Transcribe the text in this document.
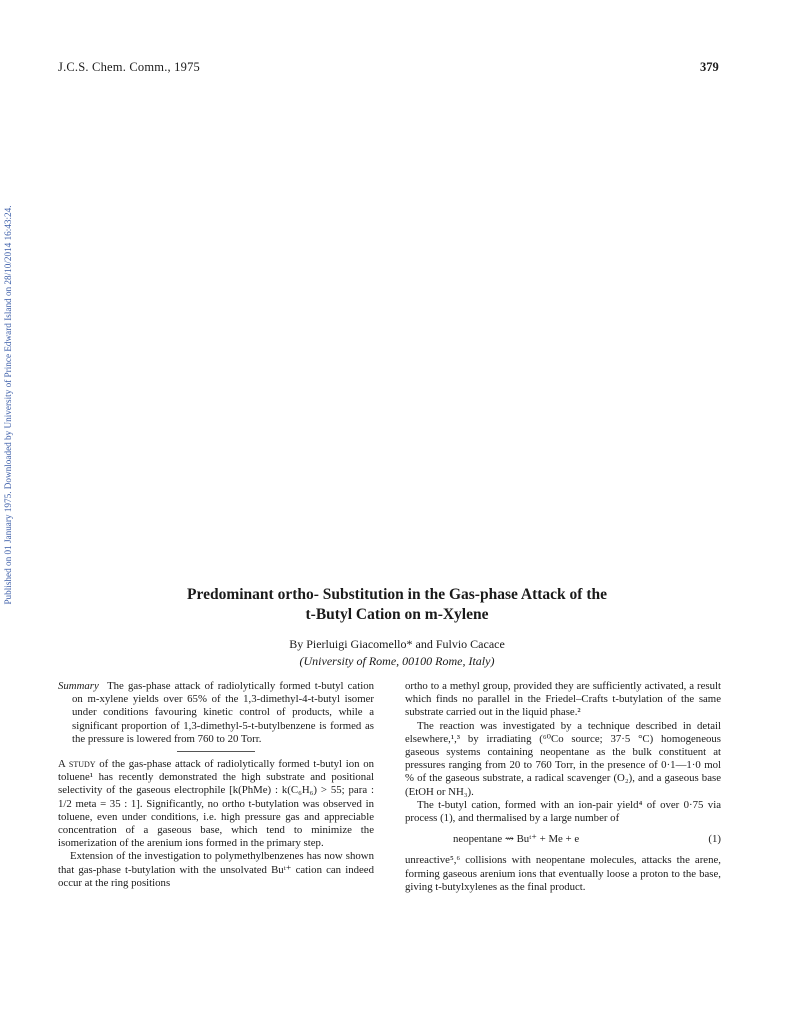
J.C.S. Chem. Comm., 1975	379
Published on 01 January 1975. Downloaded by University of Prince Edward Island on 28/10/2014 16:43:24.	Predominant ortho- Substitution in the Gas-phase Attack of the
t-Butyl Cation on m-Xylene
By Pierluigi Giacomello* and Fulvio Cacace
(University of Rome, 00100 Rome, Italy)

Summary The gas-phase attack of radiolytically formed t-butyl cation on m-xylene yields over 65% of the 1,3-dimethyl-4-t-butyl isomer under conditions favouring kinetic control of products, while a significant proportion of 1,3-dimethyl-5-t-butylbenzene is formed as the pressure is lowered from 760 to 20 Torr.

A study of the gas-phase attack of radiolytically formed t-butyl ion on toluene¹ has recently demonstrated the high substrate and positional selectivity of the gaseous electrophile [k(PhMe) : k(C₆H₆) > 55; para : 1/2 meta = 35 : 1]. Significantly, no ortho t-butylation was observed in toluene, even under conditions, i.e. high pressure gas and appreciable concentration of a gaseous base, which tend to minimize the isomerization of the arenium ions formed in the primary step.

Extension of the investigation to polymethylbenzenes has now shown that gas-phase t-butylation with the unsolvated Buᵗ⁺ cation can indeed occur at the ring positions

ortho to a methyl group, provided they are sufficiently activated, a result which finds no parallel in the Friedel–Crafts t-butylation of the same substrate carried out in the liquid phase.²

The reaction was investigated by a technique described in detail elsewhere,¹,³ by irradiating (⁶⁰Co source; 37·5 °C) homogeneous gaseous systems containing neopentane as the bulk constituent at pressures ranging from 20 to 760 Torr, in the presence of 0·1—1·0 mol % of the gaseous substrate, a radical scavenger (O₂), and a gaseous base (EtOH or NH₃).

The t-butyl cation, formed with an ion-pair yield⁴ of over 0·75 via process (1), and thermalised by a large number of

neopentane ⇝ Buᵗ⁺ + Me + e	(1)

unreactive⁵,⁶ collisions with neopentane molecules, attacks the arene, forming gaseous arenium ions that eventually loose a proton to the base, giving t-butylxylenes as the final product.
